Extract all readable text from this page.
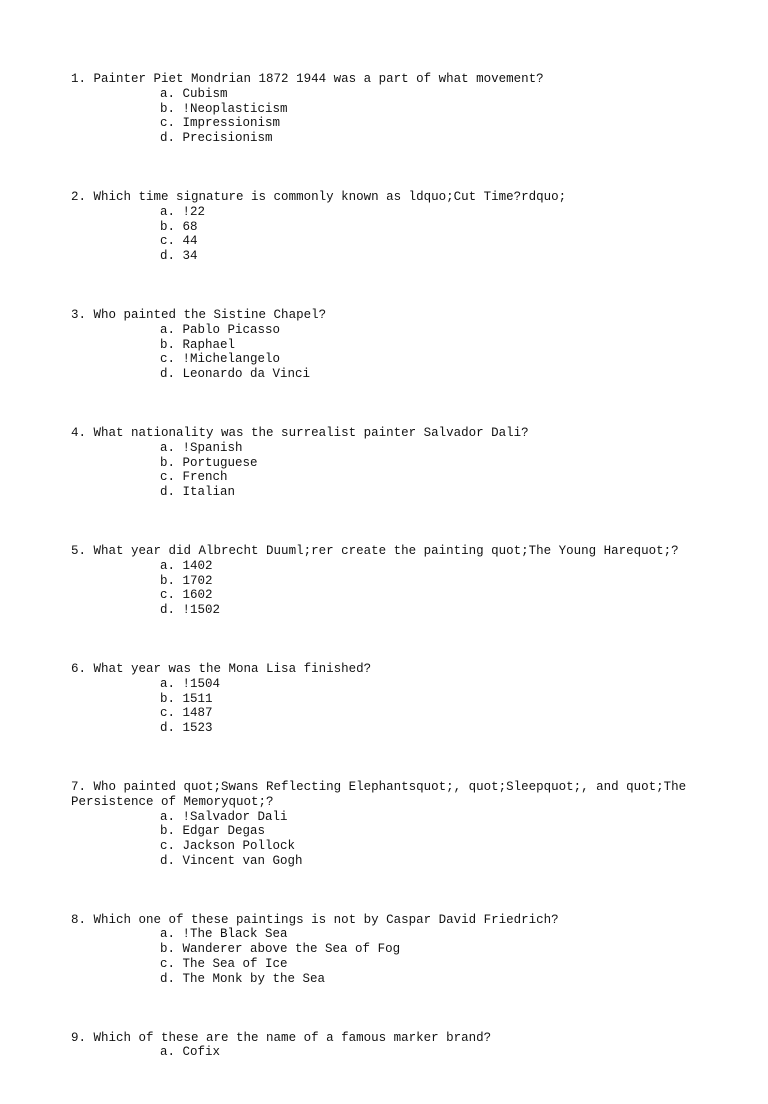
1. Painter Piet Mondrian 1872 1944 was a part of what movement?
a. Cubism
b. !Neoplasticism
c. Impressionism
d. Precisionism
2. Which time signature is commonly known as ldquo;Cut Time?rdquo;
a. !22
b. 68
c. 44
d. 34
3. Who painted the Sistine Chapel?
a. Pablo Picasso
b. Raphael
c. !Michelangelo
d. Leonardo da Vinci
4. What nationality was the surrealist painter Salvador Dali?
a. !Spanish
b. Portuguese
c. French
d. Italian
5. What year did Albrecht Duuml;rer create the painting quot;The Young Harequot;?
a. 1402
b. 1702
c. 1602
d. !1502
6. What year was the Mona Lisa finished?
a. !1504
b. 1511
c. 1487
d. 1523
7. Who painted quot;Swans Reflecting Elephantsquot;, quot;Sleepquot;, and quot;The Persistence of Memoryquot;?
a. !Salvador Dali
b. Edgar Degas
c. Jackson Pollock
d. Vincent van Gogh
8. Which one of these paintings is not by Caspar David Friedrich?
a. !The Black Sea
b. Wanderer above the Sea of Fog
c. The Sea of Ice
d. The Monk by the Sea
9. Which of these are the name of a famous marker brand?
a. Cofix
